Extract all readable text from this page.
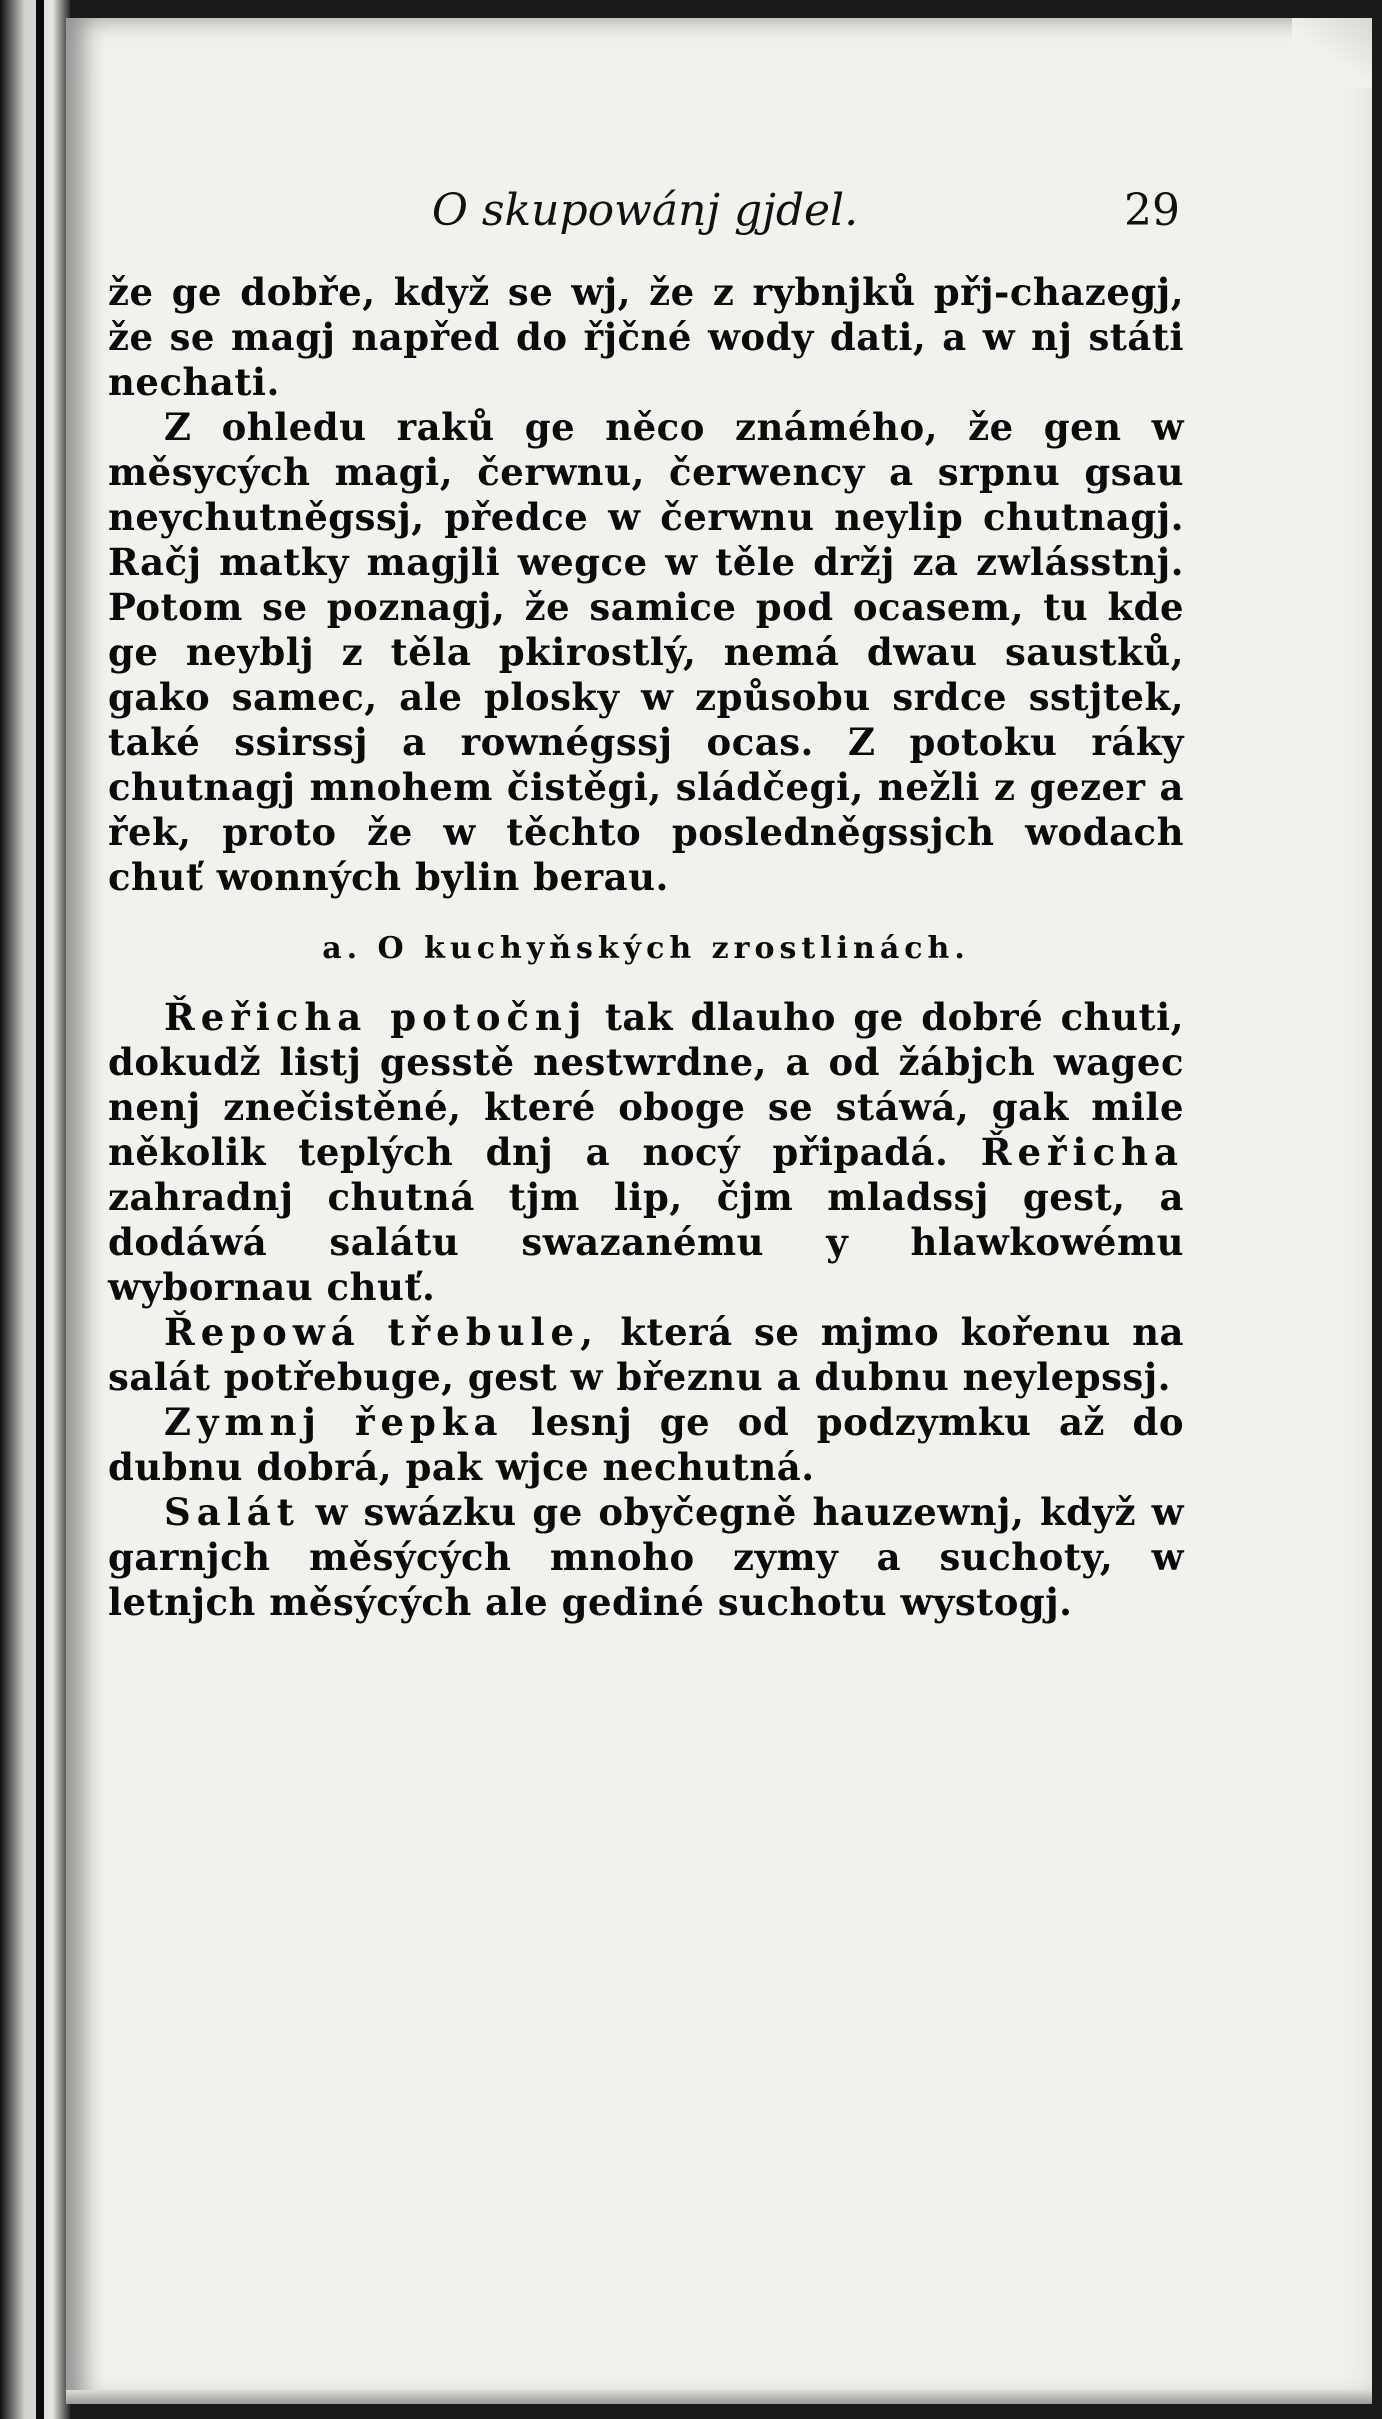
O skupowánj gjdel.	29

že ge dobře, když se wj, že z rybnjků přj-chazegj, že se magj napřed do řjčné wody dati, a w nj státi nechati.

Z ohledu raků ge něco známého, že gen w měsycých magi, čerwnu, čerwency a srpnu gsau neychutněgssj, předce w čerwnu neylip chutnagj. Račj matky magjli wegce w těle držj za zwlásstnj. Potom se poznagj, že samice pod ocasem, tu kde ge neyblj z těla pkirostlý, nemá dwau saustků, gako samec, ale plosky w způsobu srdce sstjtek, také ssirssj a rownégssj ocas. Z potoku ráky chutnagj mnohem čistěgi, sládčegi, nežli z gezer a řek, proto že w těchto posledněgssjch wodach chuť wonných bylin berau.

a. O kuchyňských zrostlinách.

Řeřicha potočnj tak dlauho ge dobré chuti, dokudž listj gesstě nestwrdne, a od žábjch wagec nenj znečistěné, které oboge se stáwá, gak mile několik teplých dnj a nocý připadá. Řeřicha zahradnj chutná tjm lip, čjm mladssj gest, a dodáwá salátu swazanému y hlawkowému wybornau chuť.

Řepowá třebule, která se mjmo kořenu na salát potřebuge, gest w březnu a dubnu neylepssj.

Zymnj řepka lesnj ge od podzymku až do dubnu dobrá, pak wjce nechutná.

Salát w swázku ge obyčegně hauzewnj, když w garnjch měsýcých mnoho zymy a suchoty, w letnjch měsýcých ale gediné suchotu wystogj.
